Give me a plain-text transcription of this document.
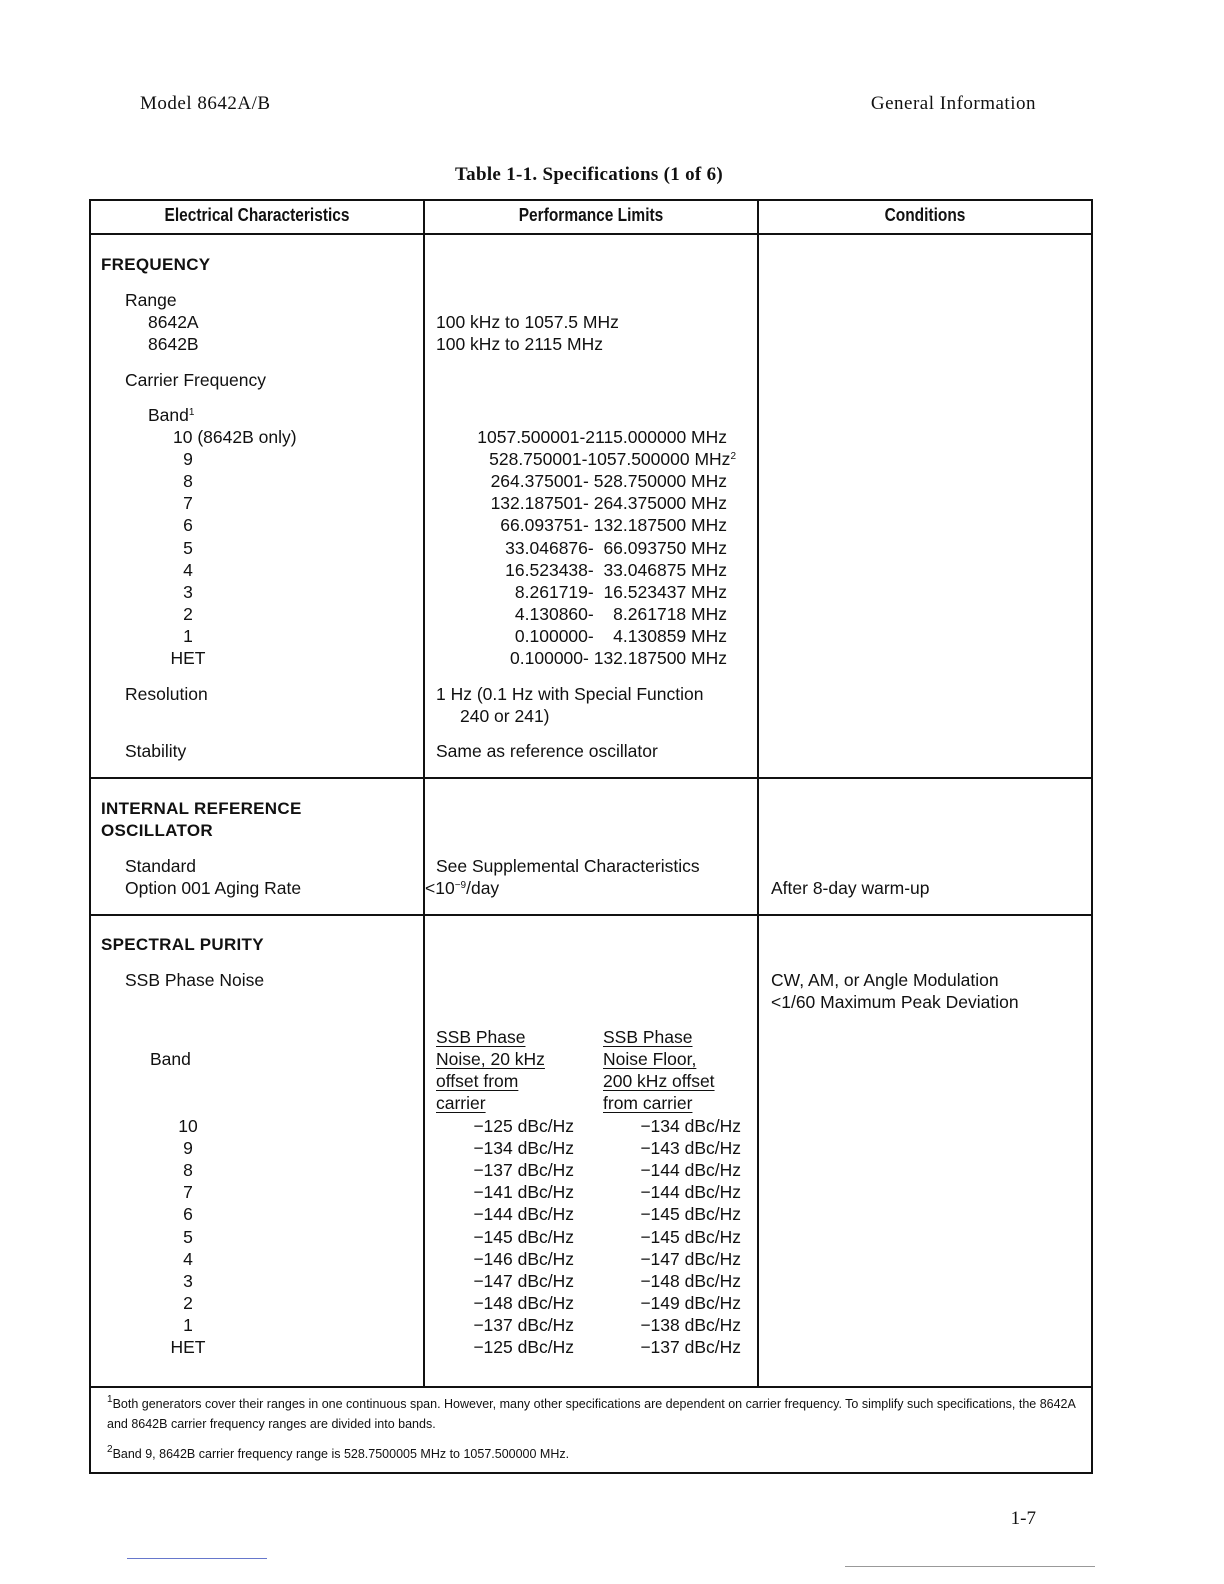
Model 8642A/B	General Information
Table 1-1. Specifications (1 of 6)
Electrical Characteristics	Performance Limits	Conditions
FREQUENCY
Range
8642A	100 kHz to 1057.5 MHz
8642B	100 kHz to 2115 MHz
Carrier Frequency
Band$^1$
10 (8642B only)	1057.500001-2115.000000 MHz
9	528.750001-1057.500000 MHz$^2$
8	264.375001- 528.750000 MHz
7	132.187501- 264.375000 MHz
6	66.093751- 132.187500 MHz
5	33.046876-  66.093750 MHz
4	16.523438-  33.046875 MHz
3	8.261719-  16.523437 MHz
2	4.130860-    8.261718 MHz
1	0.100000-    4.130859 MHz
HET	0.100000- 132.187500 MHz
Resolution	1 Hz (0.1 Hz with Special Function
240 or 241)
Stability	Same as reference oscillator
INTERNAL REFERENCE
OSCILLATOR
Standard	See Supplemental Characteristics
Option 001 Aging Rate	$<10^{-9}$/day	After 8-day warm-up
SPECTRAL PURITY
SSB Phase Noise	CW, AM, or Angle Modulation
<1/60 Maximum Peak Deviation
Band
SSB Phase
Noise, 20 kHz
offset from
carrier
SSB Phase
Noise Floor,
200 kHz offset
from carrier
10	−125 dBc/Hz	−134 dBc/Hz
9	−134 dBc/Hz	−143 dBc/Hz
8	−137 dBc/Hz	−144 dBc/Hz
7	−141 dBc/Hz	−144 dBc/Hz
6	−144 dBc/Hz	−145 dBc/Hz
5	−145 dBc/Hz	−145 dBc/Hz
4	−146 dBc/Hz	−147 dBc/Hz
3	−147 dBc/Hz	−148 dBc/Hz
2	−148 dBc/Hz	−149 dBc/Hz
1	−137 dBc/Hz	−138 dBc/Hz
HET	−125 dBc/Hz	−137 dBc/Hz
$^1$Both generators cover their ranges in one continuous span. However, many other specifications are dependent on carrier frequency. To simplify such specifications, the 8642A and 8642B carrier frequency ranges are divided into bands.
$^2$Band 9, 8642B carrier frequency range is 528.7500005 MHz to 1057.500000 MHz.
1-7
